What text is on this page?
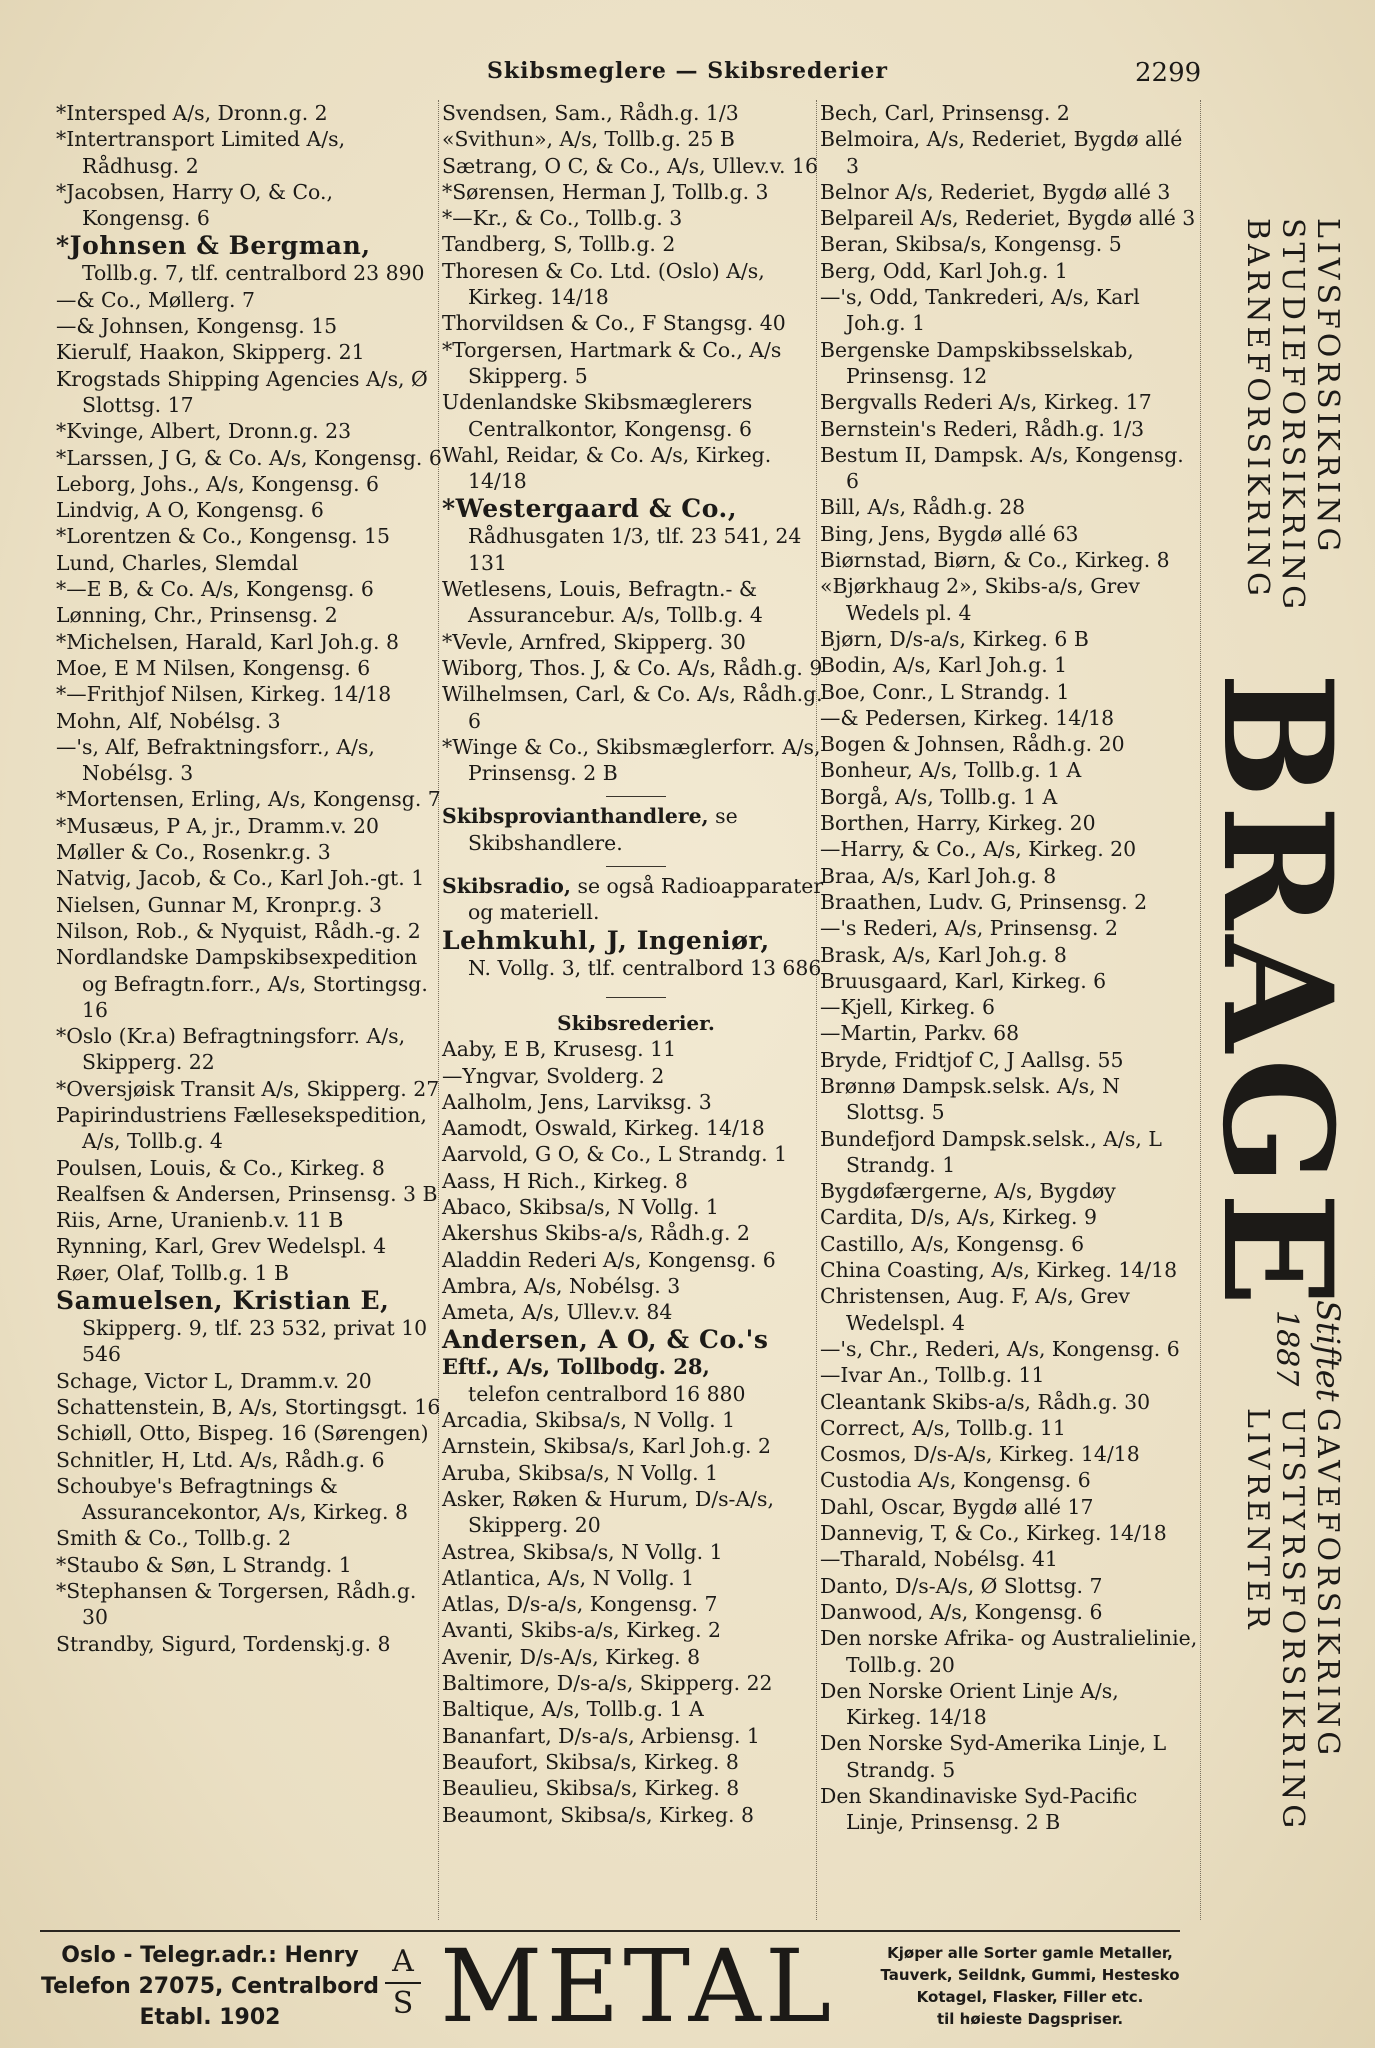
Skibsmeglere — Skibsrederier	2299
*Intersped A/s, Dronn.g. 2
*Intertransport Limited A/s, Rådhusg. 2
*Jacobsen, Harry O, & Co., Kongensg. 6
*Johnsen & Bergman,
Tollb.g. 7, tlf. centralbord 23 890
—& Co., Møllerg. 7
—& Johnsen, Kongensg. 15
Kierulf, Haakon, Skipperg. 21
Krogstads Shipping Agencies A/s, Ø Slottsg. 17
*Kvinge, Albert, Dronn.g. 23
*Larssen, J G, & Co. A/s, Kongensg. 6
Leborg, Johs., A/s, Kongensg. 6
Lindvig, A O, Kongensg. 6
*Lorentzen & Co., Kongensg. 15
Lund, Charles, Slemdal
*—E B, & Co. A/s, Kongensg. 6
Lønning, Chr., Prinsensg. 2
*Michelsen, Harald, Karl Joh.g. 8
Moe, E M Nilsen, Kongensg. 6
*—Frithjof Nilsen, Kirkeg. 14/18
Mohn, Alf, Nobélsg. 3
—'s, Alf, Befraktningsforr., A/s, Nobélsg. 3
*Mortensen, Erling, A/s, Kongensg. 7
*Musæus, P A, jr., Dramm.v. 20
Møller & Co., Rosenkr.g. 3
Natvig, Jacob, & Co., Karl Joh.-gt. 1
Nielsen, Gunnar M, Kronpr.g. 3
Nilson, Rob., & Nyquist, Rådh.-g. 2
Nordlandske Dampskibsexpedition og Befragtn.forr., A/s, Stortingsg. 16
*Oslo (Kr.a) Befragtningsforr. A/s, Skipperg. 22
*Oversjøisk Transit A/s, Skipperg. 27
Papirindustriens Fællesekspedition, A/s, Tollb.g. 4
Poulsen, Louis, & Co., Kirkeg. 8
Realfsen & Andersen, Prinsensg. 3 B
Riis, Arne, Uranienb.v. 11 B
Rynning, Karl, Grev Wedelspl. 4
Røer, Olaf, Tollb.g. 1 B
Samuelsen, Kristian E,
Skipperg. 9, tlf. 23 532, privat 10 546
Schage, Victor L, Dramm.v. 20
Schattenstein, B, A/s, Stortingsgt. 16
Schiøll, Otto, Bispeg. 16 (Sørengen)
Schnitler, H, Ltd. A/s, Rådh.g. 6
Schoubye's Befragtnings & Assurancekontor, A/s, Kirkeg. 8
Smith & Co., Tollb.g. 2
*Staubo & Søn, L Strandg. 1
*Stephansen & Torgersen, Rådh.g. 30
Strandby, Sigurd, Tordenskj.g. 8
Svendsen, Sam., Rådh.g. 1/3
«Svithun», A/s, Tollb.g. 25 B
Sætrang, O C, & Co., A/s, Ullev.v. 16
*Sørensen, Herman J, Tollb.g. 3
*—Kr., & Co., Tollb.g. 3
Tandberg, S, Tollb.g. 2
Thoresen & Co. Ltd. (Oslo) A/s, Kirkeg. 14/18
Thorvildsen & Co., F Stangsg. 40
*Torgersen, Hartmark & Co., A/s Skipperg. 5
Udenlandske Skibsmæglerers Centralkontor, Kongensg. 6
Wahl, Reidar, & Co. A/s, Kirkeg. 14/18
*Westergaard & Co.,
Rådhusgaten 1/3, tlf. 23 541, 24 131
Wetlesens, Louis, Befragtn.- & Assurancebur. A/s, Tollb.g. 4
*Vevle, Arnfred, Skipperg. 30
Wiborg, Thos. J, & Co. A/s, Rådh.g. 9
Wilhelmsen, Carl, & Co. A/s, Rådh.g. 6
*Winge & Co., Skibsmæglerforr. A/s, Prinsensg. 2 B
Skibsprovianthandlere, se Skibshandlere.
Skibsradio, se også Radioapparater og materiell.
Lehmkuhl, J, Ingeniør,
N. Vollg. 3, tlf. centralbord 13 686
Skibsrederier.
Aaby, E B, Krusesg. 11
—Yngvar, Svolderg. 2
Aalholm, Jens, Larviksg. 3
Aamodt, Oswald, Kirkeg. 14/18
Aarvold, G O, & Co., L Strandg. 1
Aass, H Rich., Kirkeg. 8
Abaco, Skibsa/s, N Vollg. 1
Akershus Skibs-a/s, Rådh.g. 2
Aladdin Rederi A/s, Kongensg. 6
Ambra, A/s, Nobélsg. 3
Ameta, A/s, Ullev.v. 84
Andersen, A O, & Co.'s
Eftf., A/s, Tollbodg. 28,
telefon centralbord 16 880
Arcadia, Skibsa/s, N Vollg. 1
Arnstein, Skibsa/s, Karl Joh.g. 2
Aruba, Skibsa/s, N Vollg. 1
Asker, Røken & Hurum, D/s-A/s, Skipperg. 20
Astrea, Skibsa/s, N Vollg. 1
Atlantica, A/s, N Vollg. 1
Atlas, D/s-a/s, Kongensg. 7
Avanti, Skibs-a/s, Kirkeg. 2
Avenir, D/s-A/s, Kirkeg. 8
Baltimore, D/s-a/s, Skipperg. 22
Baltique, A/s, Tollb.g. 1 A
Bananfart, D/s-a/s, Arbiensg. 1
Beaufort, Skibsa/s, Kirkeg. 8
Beaulieu, Skibsa/s, Kirkeg. 8
Beaumont, Skibsa/s, Kirkeg. 8
Bech, Carl, Prinsensg. 2
Belmoira, A/s, Rederiet, Bygdø allé 3
Belnor A/s, Rederiet, Bygdø allé 3
Belpareil A/s, Rederiet, Bygdø allé 3
Beran, Skibsa/s, Kongensg. 5
Berg, Odd, Karl Joh.g. 1
—'s, Odd, Tankrederi, A/s, Karl Joh.g. 1
Bergenske Dampskibsselskab, Prinsensg. 12
Bergvalls Rederi A/s, Kirkeg. 17
Bernstein's Rederi, Rådh.g. 1/3
Bestum II, Dampsk. A/s, Kongensg. 6
Bill, A/s, Rådh.g. 28
Bing, Jens, Bygdø allé 63
Biørnstad, Biørn, & Co., Kirkeg. 8
«Bjørkhaug 2», Skibs-a/s, Grev Wedels pl. 4
Bjørn, D/s-a/s, Kirkeg. 6 B
Bodin, A/s, Karl Joh.g. 1
Boe, Conr., L Strandg. 1
—& Pedersen, Kirkeg. 14/18
Bogen & Johnsen, Rådh.g. 20
Bonheur, A/s, Tollb.g. 1 A
Borgå, A/s, Tollb.g. 1 A
Borthen, Harry, Kirkeg. 20
—Harry, & Co., A/s, Kirkeg. 20
Braa, A/s, Karl Joh.g. 8
Braathen, Ludv. G, Prinsensg. 2
—'s Rederi, A/s, Prinsensg. 2
Brask, A/s, Karl Joh.g. 8
Bruusgaard, Karl, Kirkeg. 6
—Kjell, Kirkeg. 6
—Martin, Parkv. 68
Bryde, Fridtjof C, J Aallsg. 55
Brønnø Dampsk.selsk. A/s, N Slottsg. 5
Bundefjord Dampsk.selsk., A/s, L Strandg. 1
Bygdøfærgerne, A/s, Bygdøy
Cardita, D/s, A/s, Kirkeg. 9
Castillo, A/s, Kongensg. 6
China Coasting, A/s, Kirkeg. 14/18
Christensen, Aug. F, A/s, Grev Wedelspl. 4
—'s, Chr., Rederi, A/s, Kongensg. 6
—Ivar An., Tollb.g. 11
Cleantank Skibs-a/s, Rådh.g. 30
Correct, A/s, Tollb.g. 11
Cosmos, D/s-A/s, Kirkeg. 14/18
Custodia A/s, Kongensg. 6
Dahl, Oscar, Bygdø allé 17
Dannevig, T, & Co., Kirkeg. 14/18
—Tharald, Nobélsg. 41
Danto, D/s-A/s, Ø Slottsg. 7
Danwood, A/s, Kongensg. 6
Den norske Afrika- og Australielinie, Tollb.g. 20
Den Norske Orient Linje A/s, Kirkeg. 14/18
Den Norske Syd-Amerika Linje, L Strandg. 5
Den Skandinaviske Syd-Pacific Linje, Prinsensg. 2 B
LIVSFORSIKRING
STUDIEFORSIKRING
BARNEFORSIKRING
BRAGE
Stiftet
1887
GAVEFORSIKRING
UTSTYRSFORSIKRING
LIVRENTER
Oslo - Telegr.adr.: Henry
Telefon 27075, Centralbord
Etabl. 1902
A
S METAL	Kjøper alle Sorter gamle Metaller,
Tauverk, Seildnk, Gummi, Hestesko
Kotagel, Flasker, Filler etc.
til høieste Dagspriser.
